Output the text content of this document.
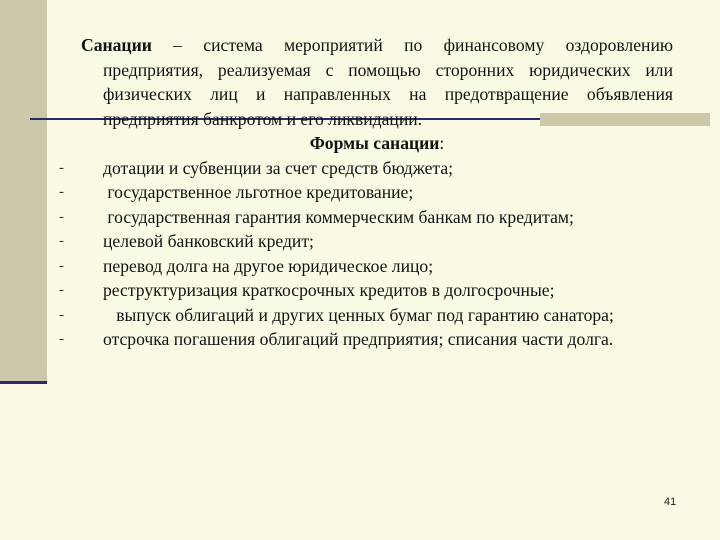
Санации – система мероприятий по финансовому оздоровлению предприятия, реализуемая с помощью сторонних юридических или физических лиц и направленных на предотвращение объявления предприятия банкротом и его ликвидации.

Формы санации:

- дотации и субвенции за счет средств бюджета;
- государственное льготное кредитование;
- государственная гарантия коммерческим банкам по кредитам;
- целевой банковский кредит;
- перевод долга на другое юридическое лицо;
- реструктуризация краткосрочных кредитов в долгосрочные;
-	выпуск облигаций и других ценных бумаг под гарантию санатора;
- отсрочка погашения облигаций предприятия; списания части долга.
41
